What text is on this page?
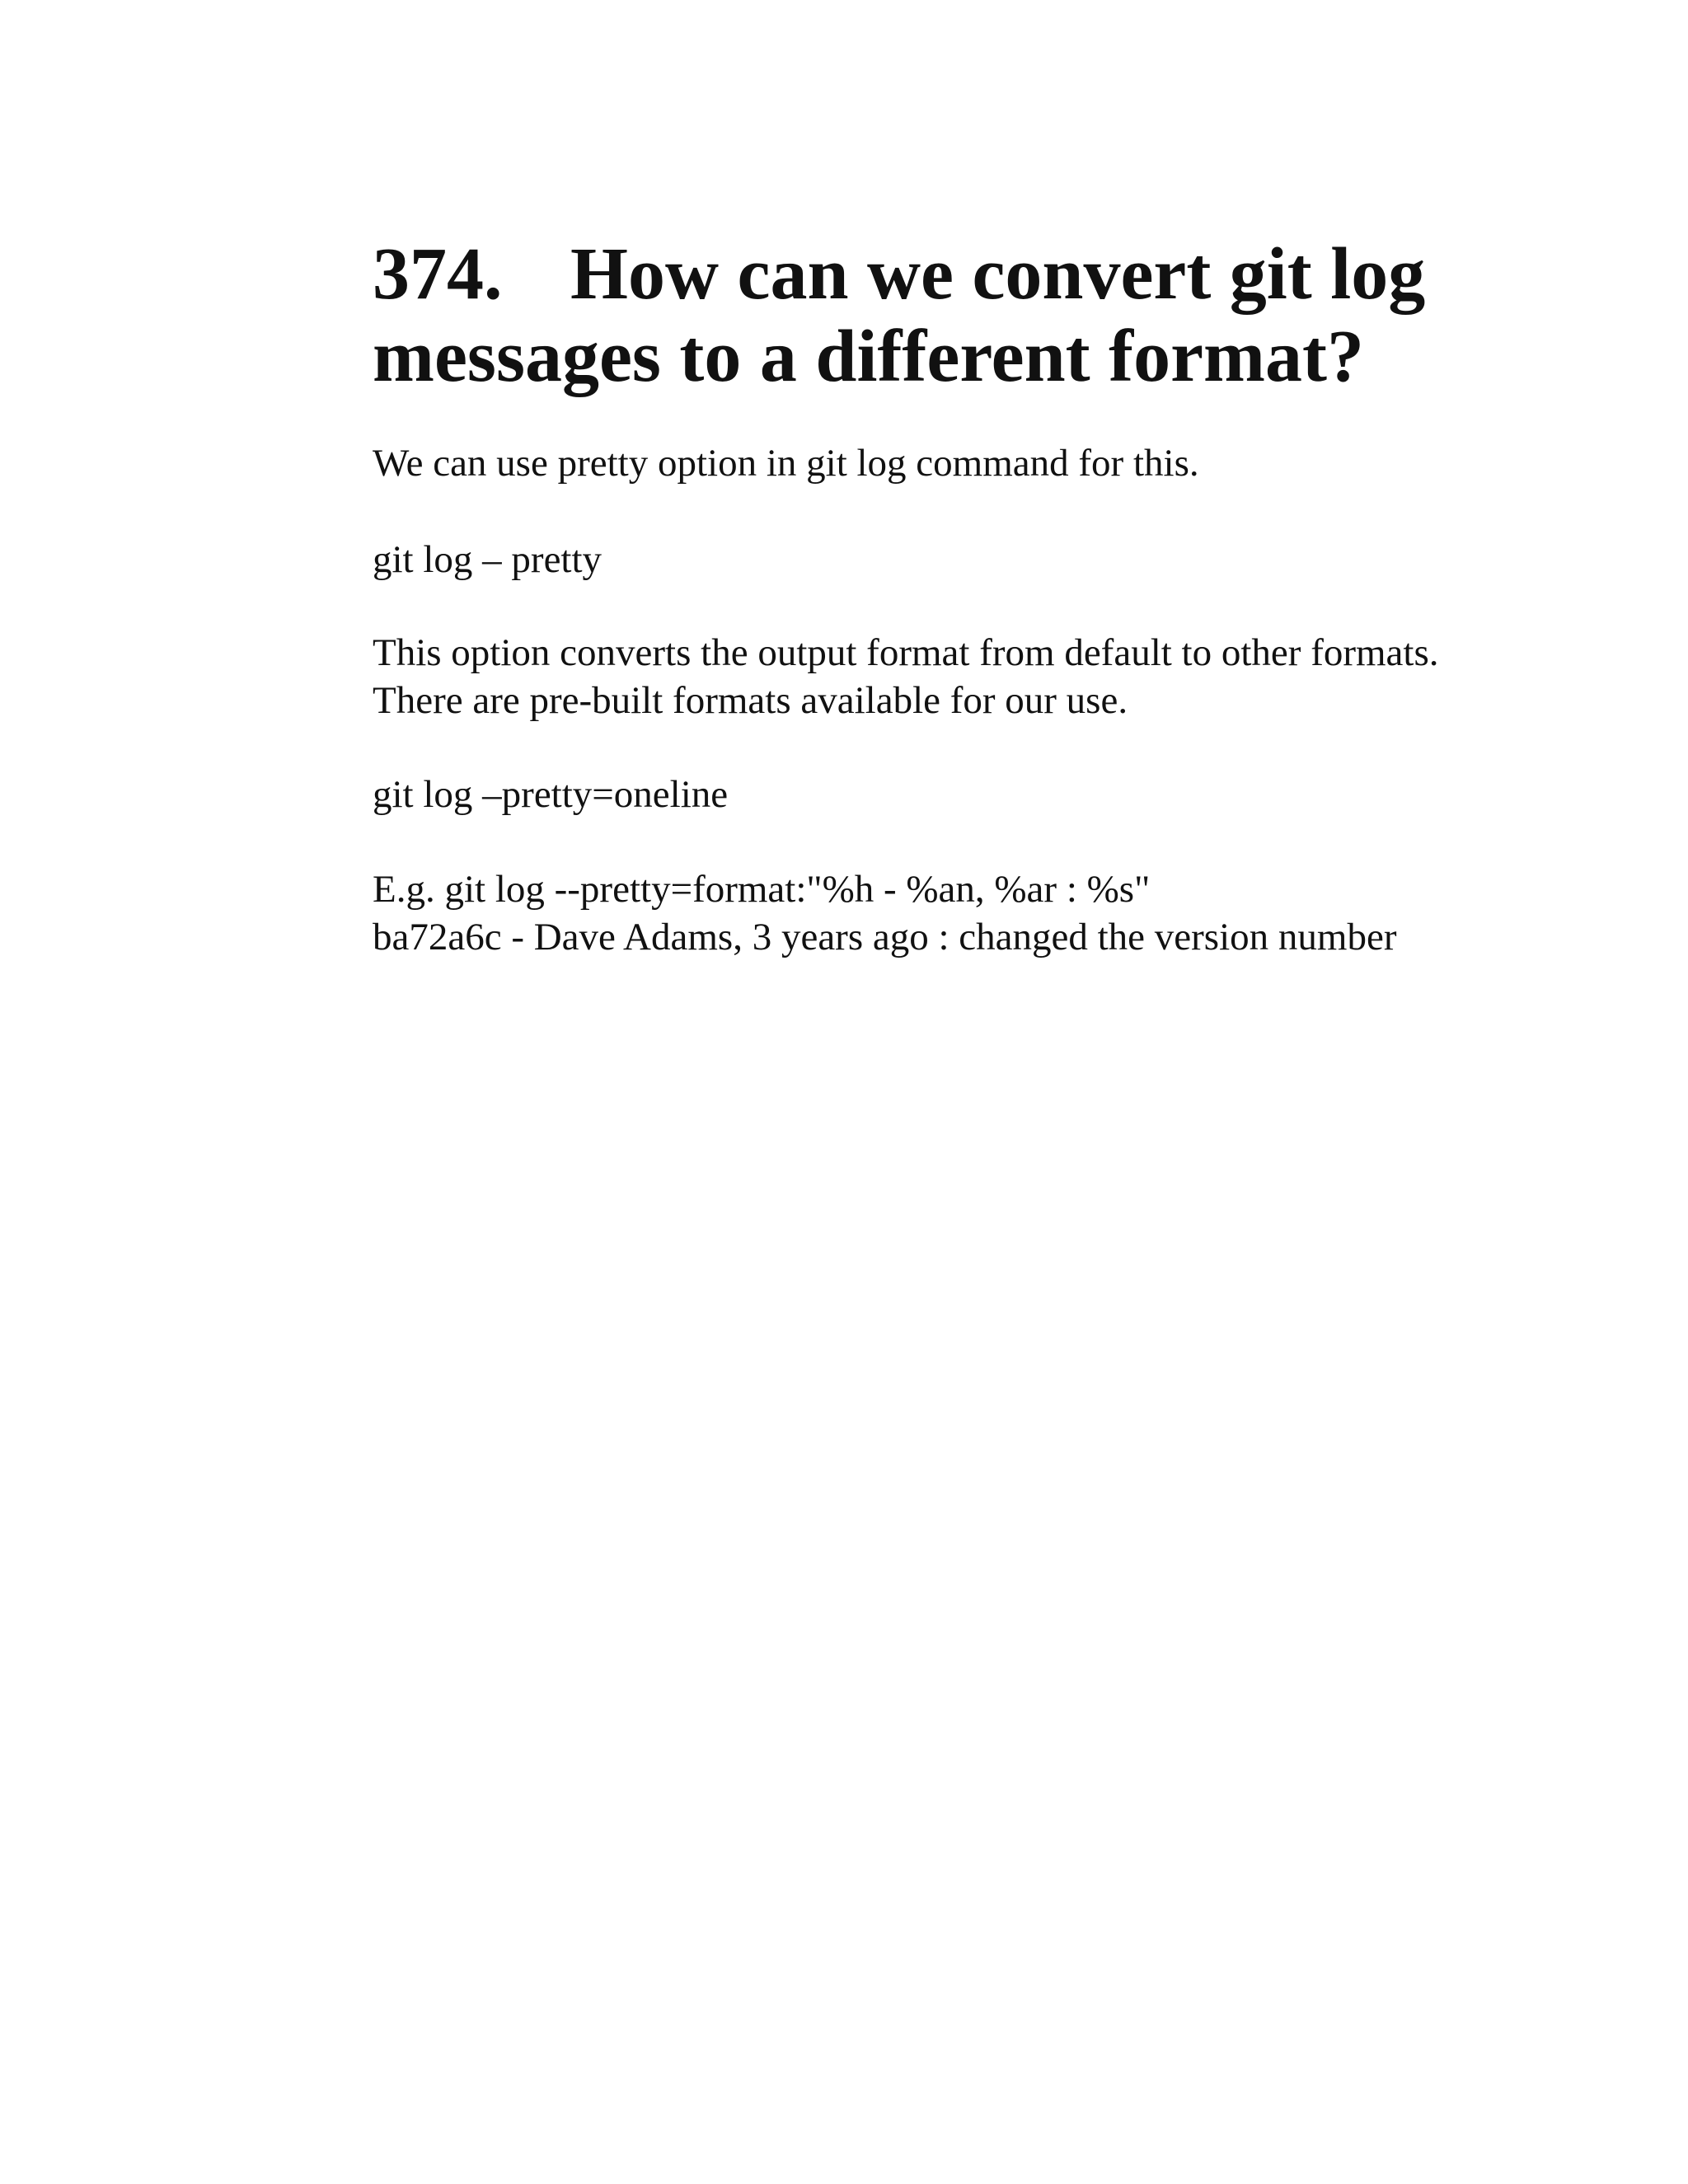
374. How can we convert git log
messages to a different format?

We can use pretty option in git log command for this.

git log – pretty

This option converts the output format from default to other formats.

There are pre-built formats available for our use.

git log –pretty=oneline

E.g. git log --pretty=format:"%h - %an, %ar : %s"

ba72a6c - Dave Adams, 3 years ago : changed the version number
